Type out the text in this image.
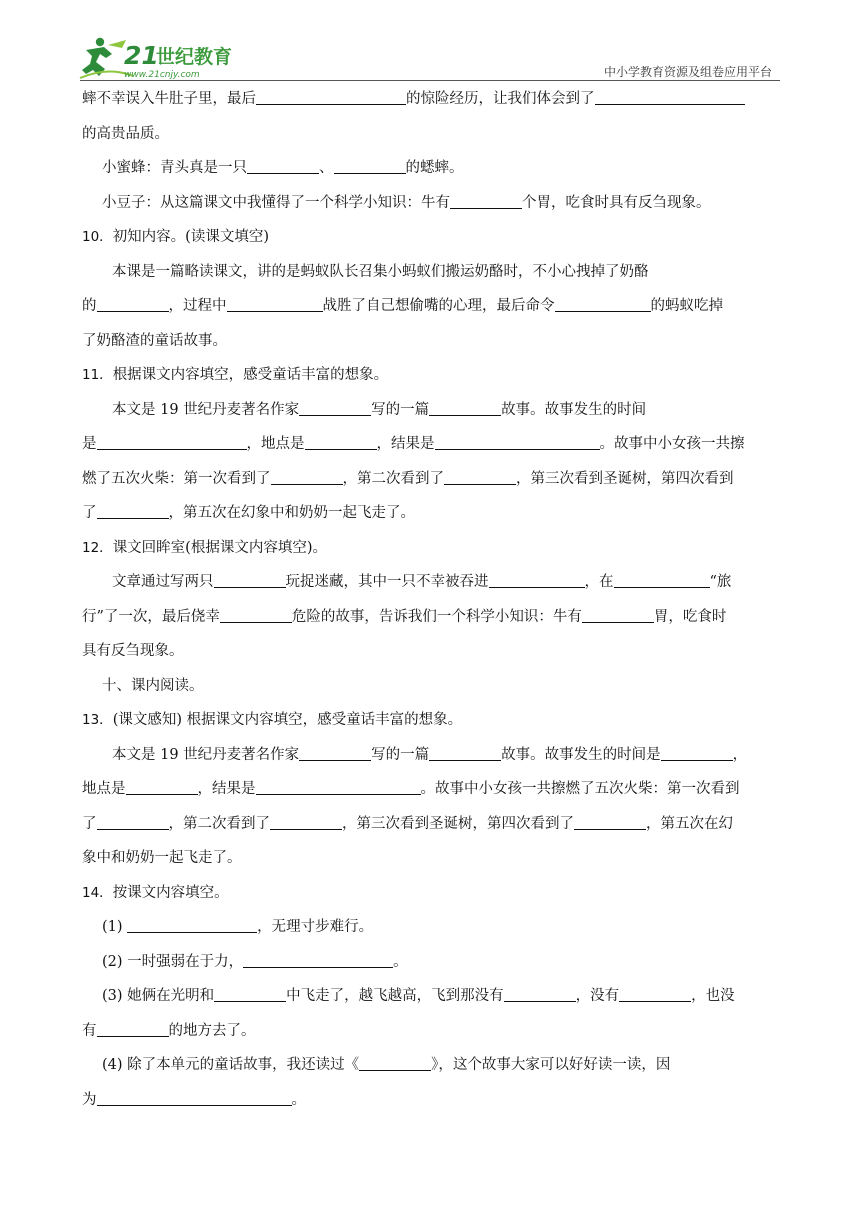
21
世纪教育
www.21cnjy.com	中小学教育资源及组卷应用平台

蟀不幸误入牛肚子里，最后	的惊险经历，让我们体会到了

的高贵品质。

小蜜蜂：青头真是一只	、	的蟋蟀。

小豆子：从这篇课文中我懂得了一个科学小知识：牛有	个胃，吃食时具有反刍现象。

10．初知内容。(读课文填空)

本课是一篇略读课文，讲的是蚂蚁队长召集小蚂蚁们搬运奶酪时，不小心拽掉了奶酪

的	，过程中	战胜了自己想偷嘴的心理，最后命令	的蚂蚁吃掉

了奶酪渣的童话故事。

11．根据课文内容填空，感受童话丰富的想象。

本文是 19 世纪丹麦著名作家	写的一篇	故事。故事发生的时间

是	，地点是	，结果是	。故事中小女孩一共擦

燃了五次火柴：第一次看到了	，第二次看到了	，第三次看到圣诞树，第四次看到

了	，第五次在幻象中和奶奶一起飞走了。

12．课文回眸室(根据课文内容填空)。

文章通过写两只	玩捉迷藏，其中一只不幸被吞进	，在	“旅

行”了一次，最后侥幸	危险的故事，告诉我们一个科学小知识：牛有	胃，吃食时

具有反刍现象。

十、课内阅读。

13．(课文感知) 根据课文内容填空，感受童话丰富的想象。

本文是 19 世纪丹麦著名作家	写的一篇	故事。故事发生的时间是	，

地点是	，结果是	。故事中小女孩一共擦燃了五次火柴：第一次看到

了	，第二次看到了	，第三次看到圣诞树，第四次看到了	，第五次在幻

象中和奶奶一起飞走了。

14．按课文内容填空。

(1)	，无理寸步难行。

(2) 一时强弱在于力，	。

(3) 她俩在光明和	中飞走了，越飞越高，飞到那没有	，没有	，也没

有	的地方去了。

(4) 除了本单元的童话故事，我还读过《	》，这个故事大家可以好好读一读，因

为	。
